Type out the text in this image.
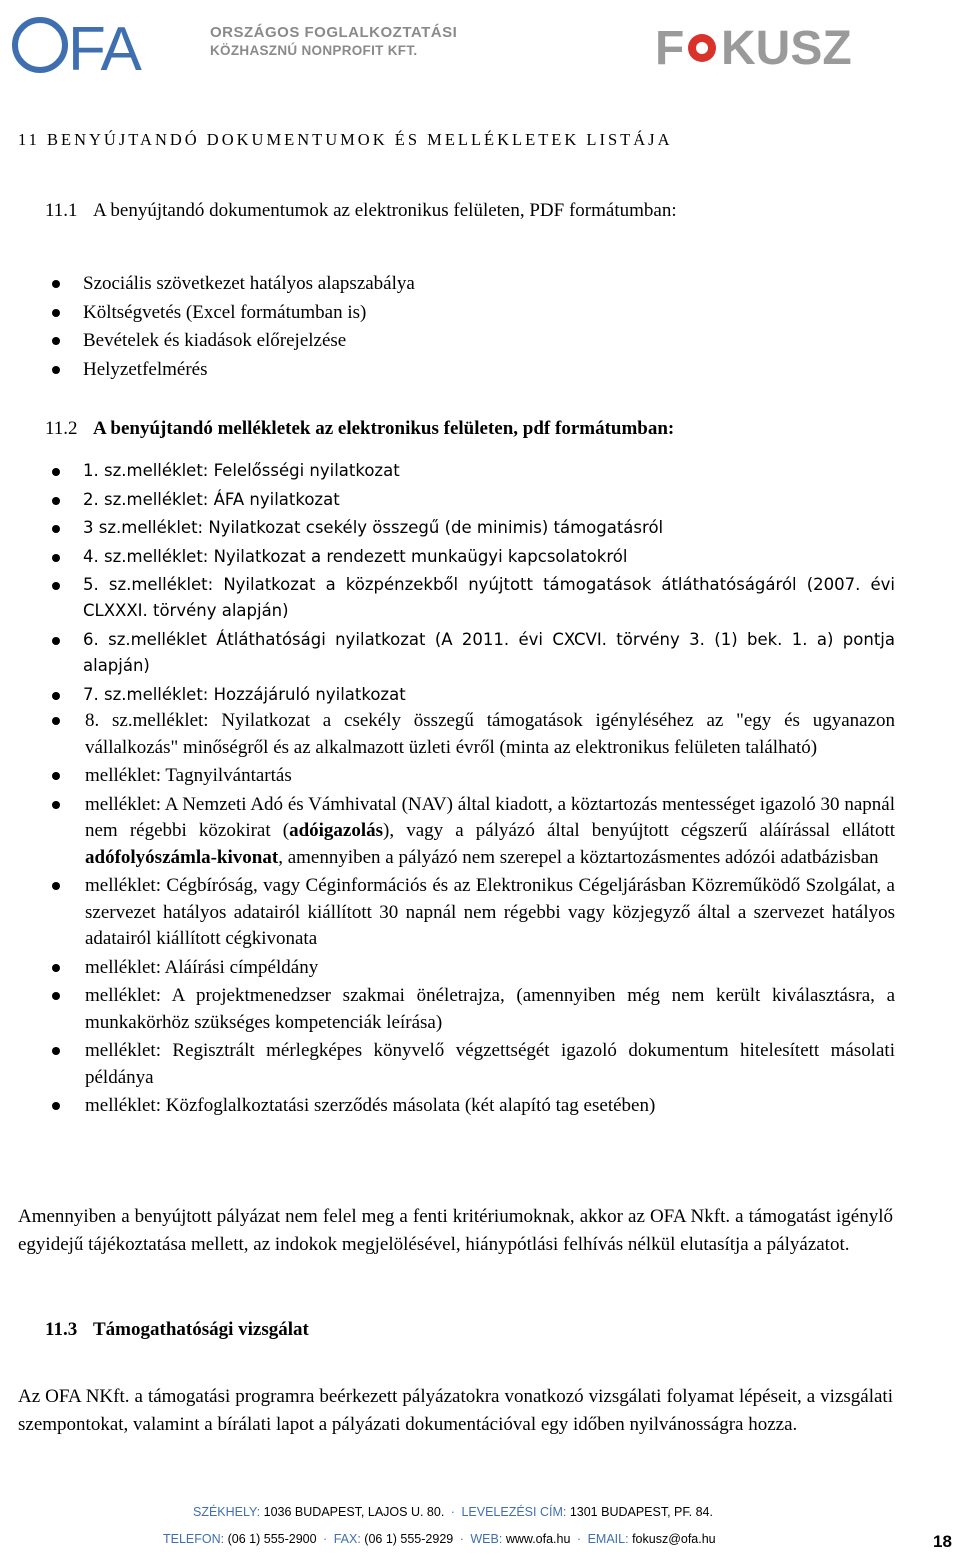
FA	ORSZÁGOS FOGLALKOZTATÁSI
KÖZHASZNÚ NONPROFIT KFT.	F KUSZ
11 BENYÚJTANDÓ DOKUMENTUMOK ÉS MELLÉKLETEK LISTÁJA
11.1 A benyújtandó dokumentumok az elektronikus felületen, PDF formátumban:
Szociális szövetkezet hatályos alapszabálya
Költségvetés (Excel formátumban is)
Bevételek és kiadások előrejelzése
Helyzetfelmérés
11.2 A benyújtandó mellékletek az elektronikus felületen, pdf formátumban:
1. sz.melléklet: Felelősségi nyilatkozat
2. sz.melléklet: ÁFA nyilatkozat
3 sz.melléklet: Nyilatkozat csekély összegű (de minimis) támogatásról
4. sz.melléklet: Nyilatkozat a rendezett munkaügyi kapcsolatokról
5. sz.melléklet: Nyilatkozat a közpénzekből nyújtott támogatások átláthatóságáról (2007. évi CLXXXI. törvény alapján)
6. sz.melléklet Átláthatósági nyilatkozat (A 2011. évi CXCVI. törvény 3. (1) bek. 1. a) pontja alapján)
7. sz.melléklet: Hozzájáruló nyilatkozat
8. sz.melléklet: Nyilatkozat a csekély összegű támogatások igényléséhez az "egy és ugyanazon vállalkozás" minőségről és az alkalmazott üzleti évről (minta az elektronikus felületen található)
melléklet: Tagnyilvántartás
melléklet: A Nemzeti Adó és Vámhivatal (NAV) által kiadott, a köztartozás mentességet igazoló 30 napnál nem régebbi közokirat (adóigazolás), vagy a pályázó által benyújtott cégszerű aláírással ellátott adófolyószámla-kivonat, amennyiben a pályázó nem szerepel a köztartozásmentes adózói adatbázisban
melléklet: Cégbíróság, vagy Céginformációs és az Elektronikus Cégeljárásban Közreműködő Szolgálat, a szervezet hatályos adatairól kiállított 30 napnál nem régebbi vagy közjegyző által a szervezet hatályos adatairól kiállított cégkivonata
melléklet: Aláírási címpéldány
melléklet: A projektmenedzser szakmai önéletrajza, (amennyiben még nem került kiválasztásra, a munkakörhöz szükséges kompetenciák leírása)
melléklet: Regisztrált mérlegképes könyvelő végzettségét igazoló dokumentum hitelesített másolati példánya
melléklet: Közfoglalkoztatási szerződés másolata (két alapító tag esetében)

Amennyiben a benyújtott pályázat nem felel meg a fenti kritériumoknak, akkor az OFA Nkft. a támogatást igénylő egyidejű tájékoztatása mellett, az indokok megjelölésével, hiánypótlási felhívás nélkül elutasítja a pályázatot.

11.3 Támogathatósági vizsgálat

Az OFA NKft. a támogatási programra beérkezett pályázatokra vonatkozó vizsgálati folyamat lépéseit, a vizsgálati szempontokat, valamint a bírálati lapot a pályázati dokumentációval egy időben nyilvánosságra hozza.

SZÉKHELY: 1036 BUDAPEST, LAJOS U. 80. · LEVELEZÉSI CÍM: 1301 BUDAPEST, PF. 84.
TELEFON: (06 1) 555-2900 · FAX: (06 1) 555-2929 · WEB: www.ofa.hu · EMAIL: fokusz@ofa.hu	18
